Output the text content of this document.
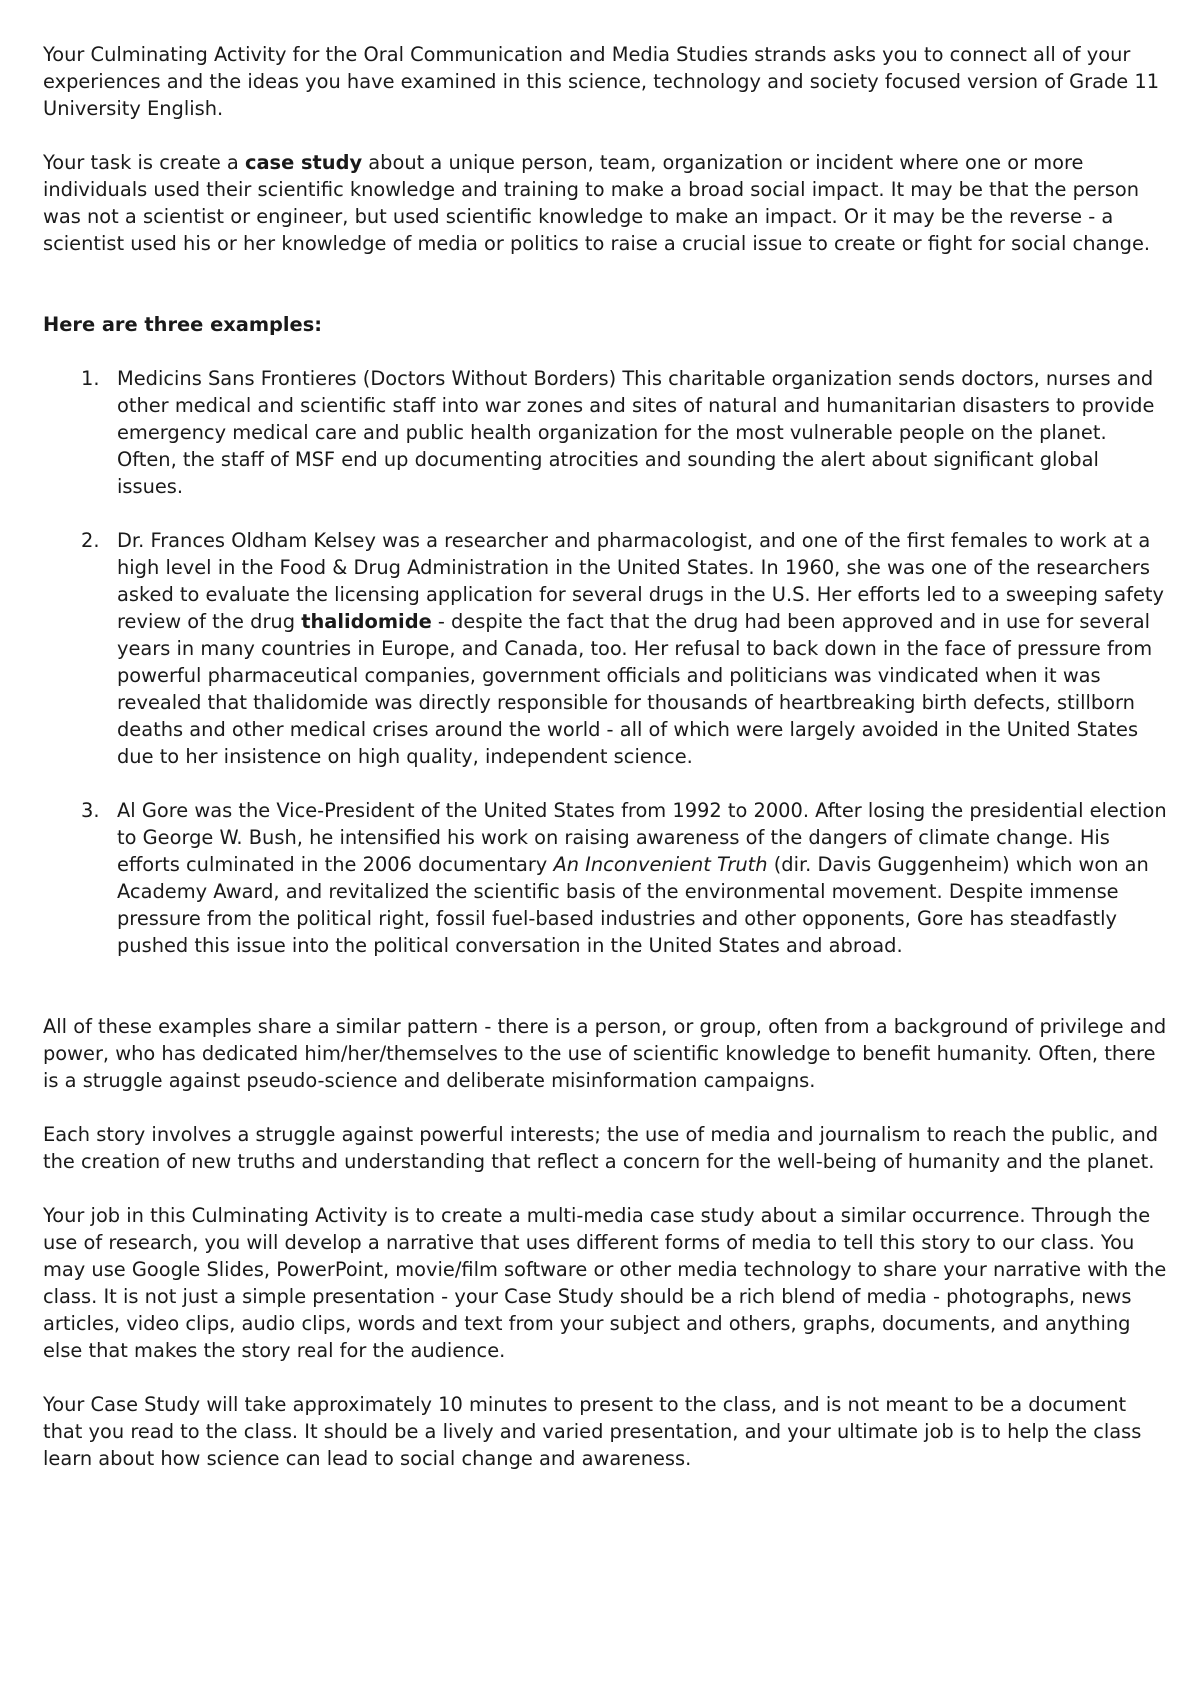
Your Culminating Activity for the Oral Communication and Media Studies strands asks you to connect all of your experiences and the ideas you have examined in this science, technology and society focused version of Grade 11 University English.

Your task is create a case study about a unique person, team, organization or incident where one or more individuals used their scientific knowledge and training to make a broad social impact. It may be that the person was not a scientist or engineer, but used scientific knowledge to make an impact. Or it may be the reverse - a scientist used his or her knowledge of media or politics to raise a crucial issue to create or fight for social change.

Here are three examples:

1. Medicins Sans Frontieres (Doctors Without Borders) This charitable organization sends doctors, nurses and other medical and scientific staff into war zones and sites of natural and humanitarian disasters to provide emergency medical care and public health organization for the most vulnerable people on the planet. Often, the staff of MSF end up documenting atrocities and sounding the alert about significant global issues.
2. Dr. Frances Oldham Kelsey was a researcher and pharmacologist, and one of the first females to work at a high level in the Food & Drug Administration in the United States. In 1960, she was one of the researchers asked to evaluate the licensing application for several drugs in the U.S. Her efforts led to a sweeping safety review of the drug thalidomide - despite the fact that the drug had been approved and in use for several years in many countries in Europe, and Canada, too. Her refusal to back down in the face of pressure from powerful pharmaceutical companies, government officials and politicians was vindicated when it was revealed that thalidomide was directly responsible for thousands of heartbreaking birth defects, stillborn deaths and other medical crises around the world - all of which were largely avoided in the United States due to her insistence on high quality, independent science.
3. Al Gore was the Vice-President of the United States from 1992 to 2000. After losing the presidential election to George W. Bush, he intensified his work on raising awareness of the dangers of climate change. His efforts culminated in the 2006 documentary An Inconvenient Truth (dir. Davis Guggenheim) which won an Academy Award, and revitalized the scientific basis of the environmental movement. Despite immense pressure from the political right, fossil fuel-based industries and other opponents, Gore has steadfastly pushed this issue into the political conversation in the United States and abroad.

All of these examples share a similar pattern - there is a person, or group, often from a background of privilege and power, who has dedicated him/her/themselves to the use of scientific knowledge to benefit humanity. Often, there is a struggle against pseudo-science and deliberate misinformation campaigns.

Each story involves a struggle against powerful interests; the use of media and journalism to reach the public, and the creation of new truths and understanding that reflect a concern for the well-being of humanity and the planet.

Your job in this Culminating Activity is to create a multi-media case study about a similar occurrence. Through the use of research, you will develop a narrative that uses different forms of media to tell this story to our class. You may use Google Slides, PowerPoint, movie/film software or other media technology to share your narrative with the class. It is not just a simple presentation - your Case Study should be a rich blend of media - photographs, news articles, video clips, audio clips, words and text from your subject and others, graphs, documents, and anything else that makes the story real for the audience.

Your Case Study will take approximately 10 minutes to present to the class, and is not meant to be a document that you read to the class. It should be a lively and varied presentation, and your ultimate job is to help the class learn about how science can lead to social change and awareness.
